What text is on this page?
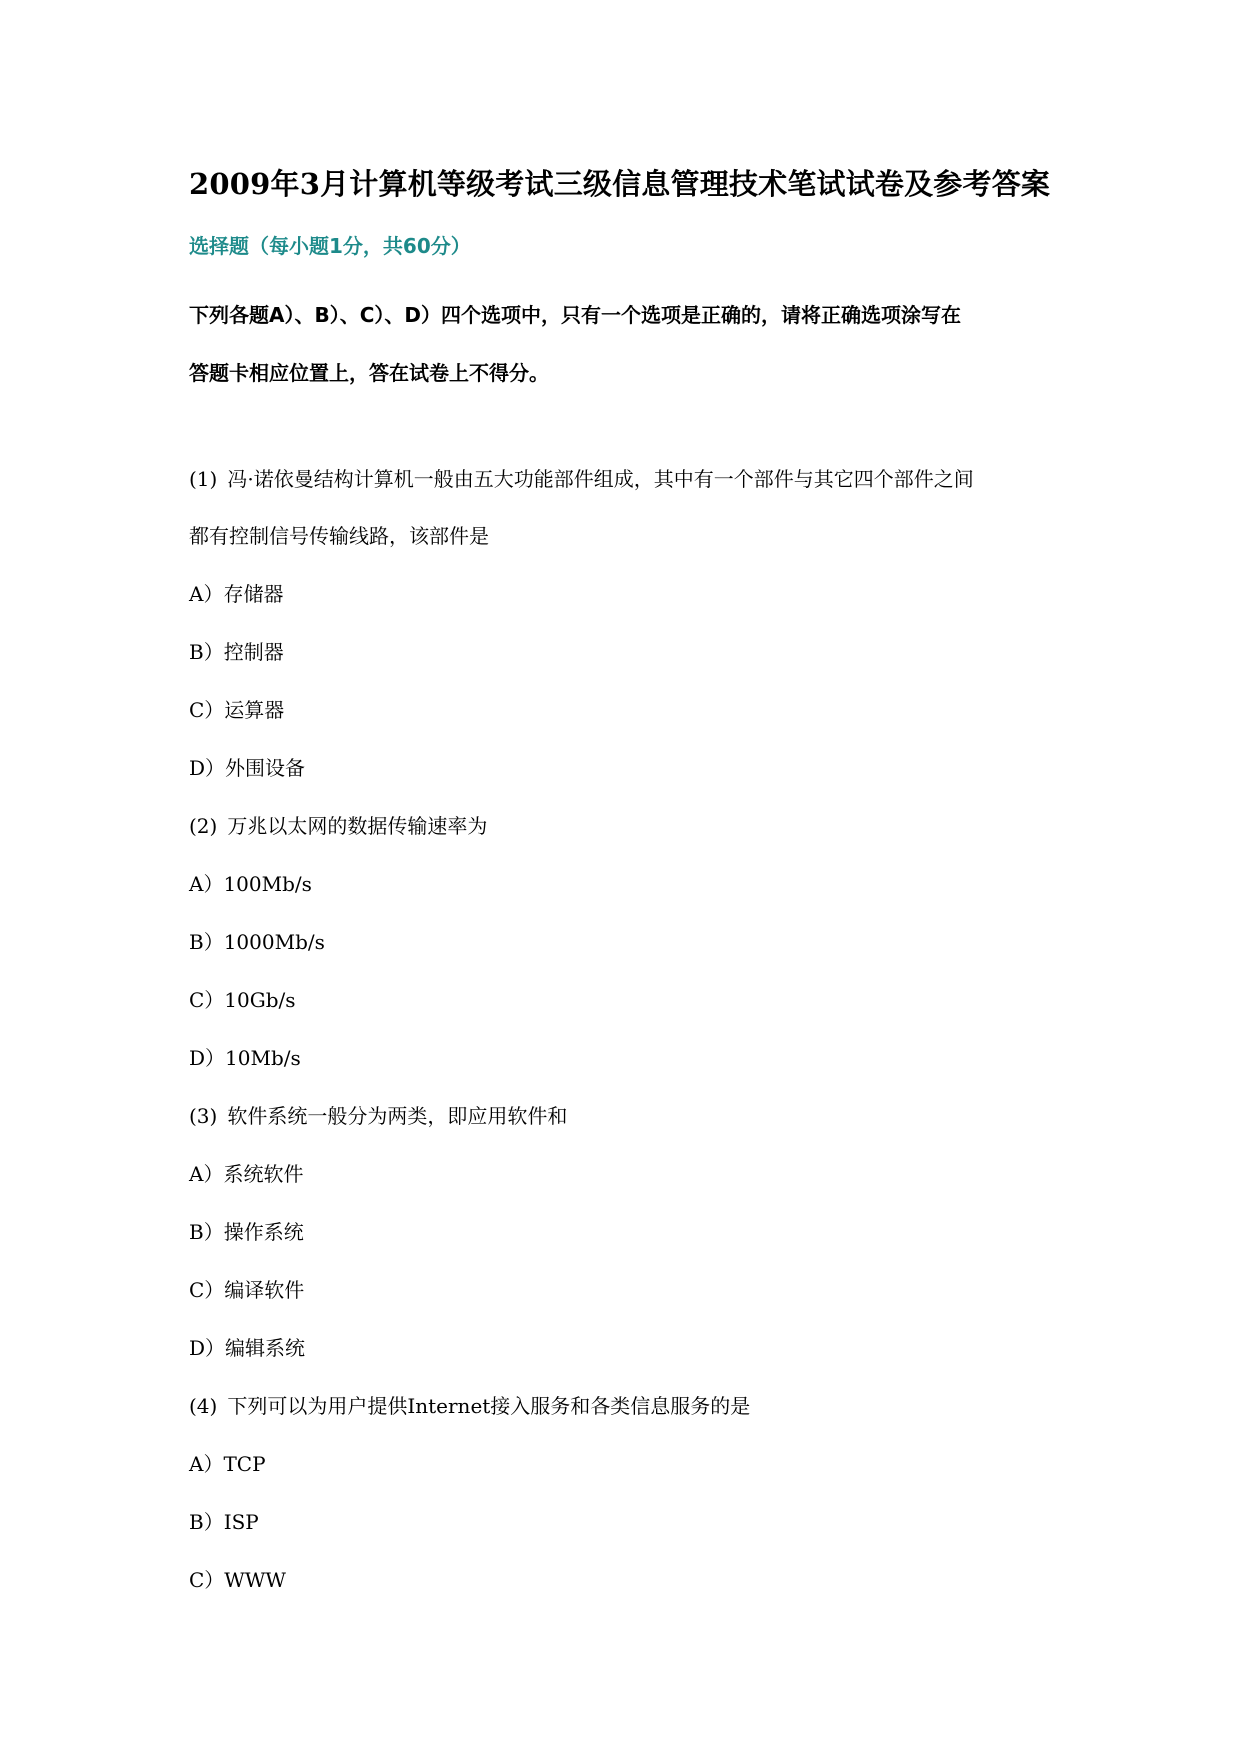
2009年3月计算机等级考试三级信息管理技术笔试试卷及参考答案
选择题（每小题1分，共60分）

下列各题A）、B）、C）、D）四个选项中，只有一个选项是正确的，请将正确选项涂写在
答题卡相应位置上，答在试卷上不得分。

(1) 冯·诺依曼结构计算机一般由五大功能部件组成，其中有一个部件与其它四个部件之间
都有控制信号传输线路，该部件是
A）存储器
B）控制器
C）运算器
D）外围设备
(2) 万兆以太网的数据传输速率为
A）100Mb/s
B）1000Mb/s
C）10Gb/s
D）10Mb/s
(3) 软件系统一般分为两类，即应用软件和
A）系统软件
B）操作系统
C）编译软件
D）编辑系统
(4) 下列可以为用户提供Internet接入服务和各类信息服务的是
A）TCP
B）ISP
C）WWW
